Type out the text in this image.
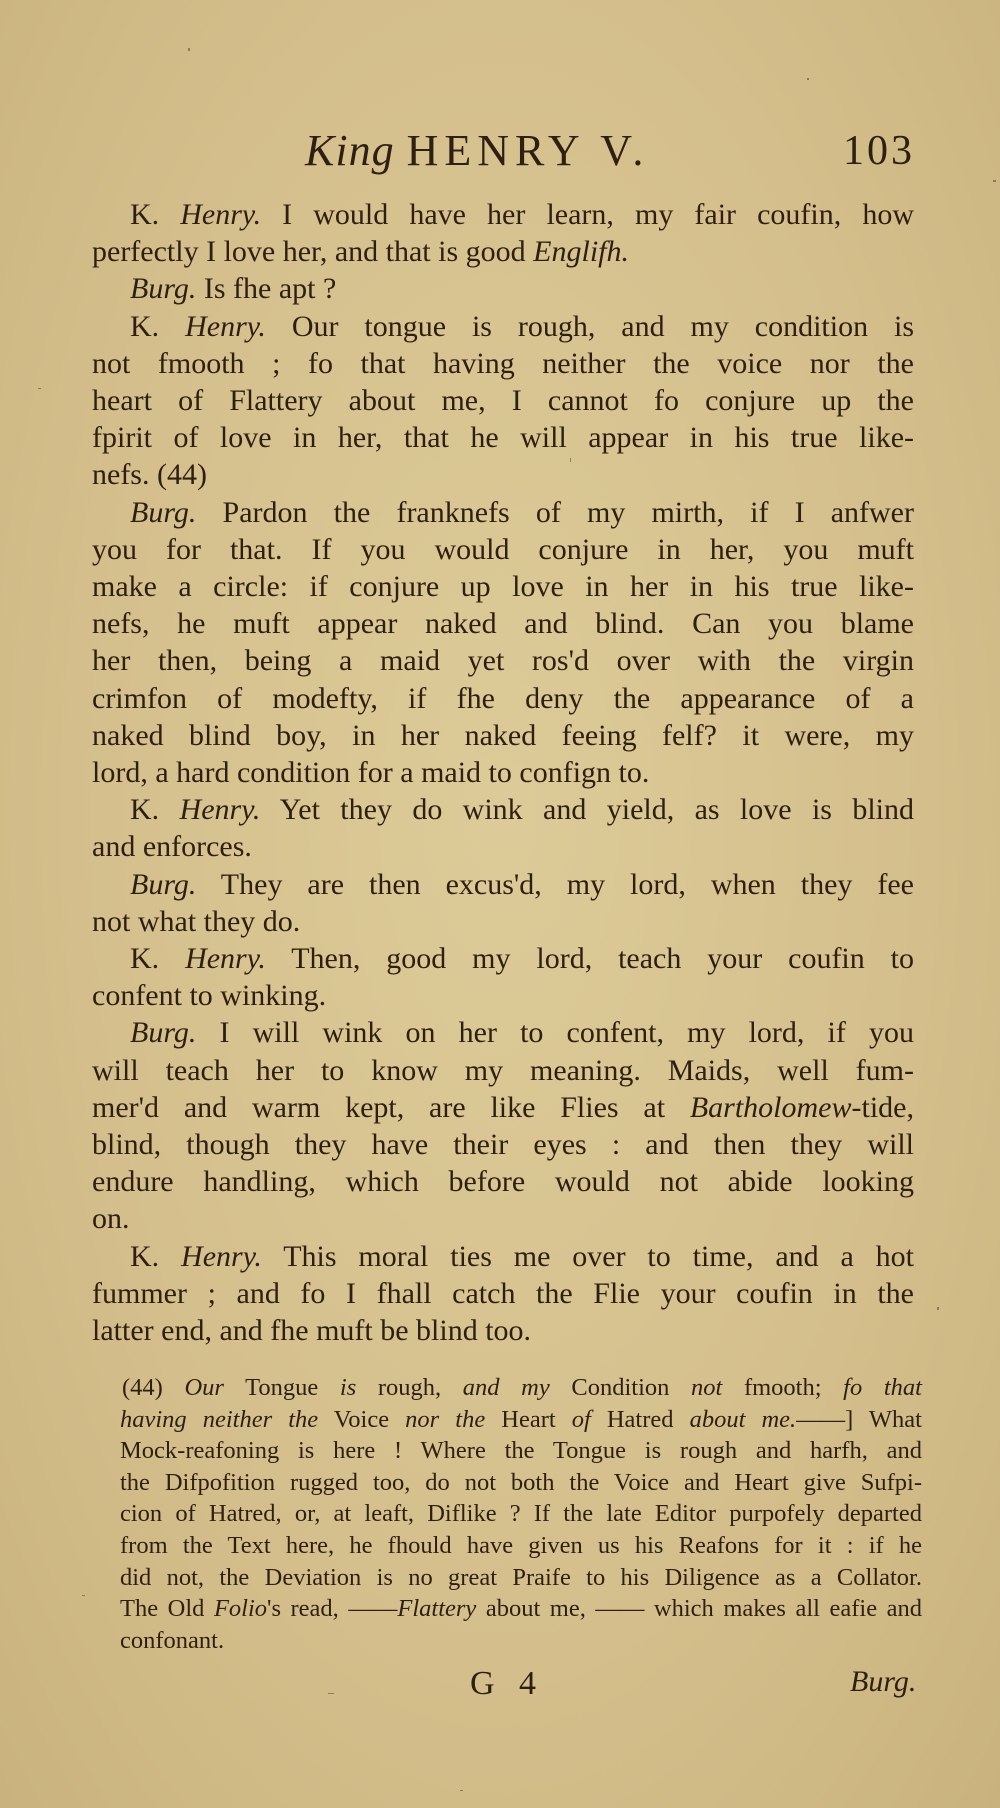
King HENRY V.	103
K. Henry. I would have her learn, my fair coufin, how
perfectly I love her, and that is good Englifh.
Burg. Is fhe apt ?
K. Henry. Our tongue is rough, and my condition is
not fmooth ; fo that having neither the voice nor the
heart of Flattery about me, I cannot fo conjure up the
fpirit of love in her, that he will appear in his true like-
nefs. (44)
Burg. Pardon the franknefs of my mirth, if I anfwer
you for that. If you would conjure in her, you muft
make a circle: if conjure up love in her in his true like-
nefs, he muft appear naked and blind. Can you blame
her then, being a maid yet ros'd over with the virgin
crimfon of modefty, if fhe deny the appearance of a
naked blind boy, in her naked feeing felf? it were, my
lord, a hard condition for a maid to confign to.
K. Henry. Yet they do wink and yield, as love is blind
and enforces.
Burg. They are then excus'd, my lord, when they fee
not what they do.
K. Henry. Then, good my lord, teach your coufin to
confent to winking.
Burg. I will wink on her to confent, my lord, if you
will teach her to know my meaning. Maids, well fum-
mer'd and warm kept, are like Flies at Bartholomew-tide,
blind, though they have their eyes : and then they will
endure handling, which before would not abide looking
on.
K. Henry. This moral ties me over to time, and a hot
fummer ; and fo I fhall catch the Flie your coufin in the
latter end, and fhe muft be blind too.
(44) Our Tongue is rough, and my Condition not fmooth; fo that
having neither the Voice nor the Heart of Hatred about me.——] What
Mock-reafoning is here ! Where the Tongue is rough and harfh, and
the Difpofition rugged too, do not both the Voice and Heart give Sufpi-
cion of Hatred, or, at leaft, Diflike ? If the late Editor purpofely departed
from the Text here, he fhould have given us his Reafons for it : if he
did not, the Deviation is no great Praife to his Diligence as a Collator.
The Old Folio's read, ——Flattery about me, —— which makes all eafie and
confonant.
G 4	Burg.
